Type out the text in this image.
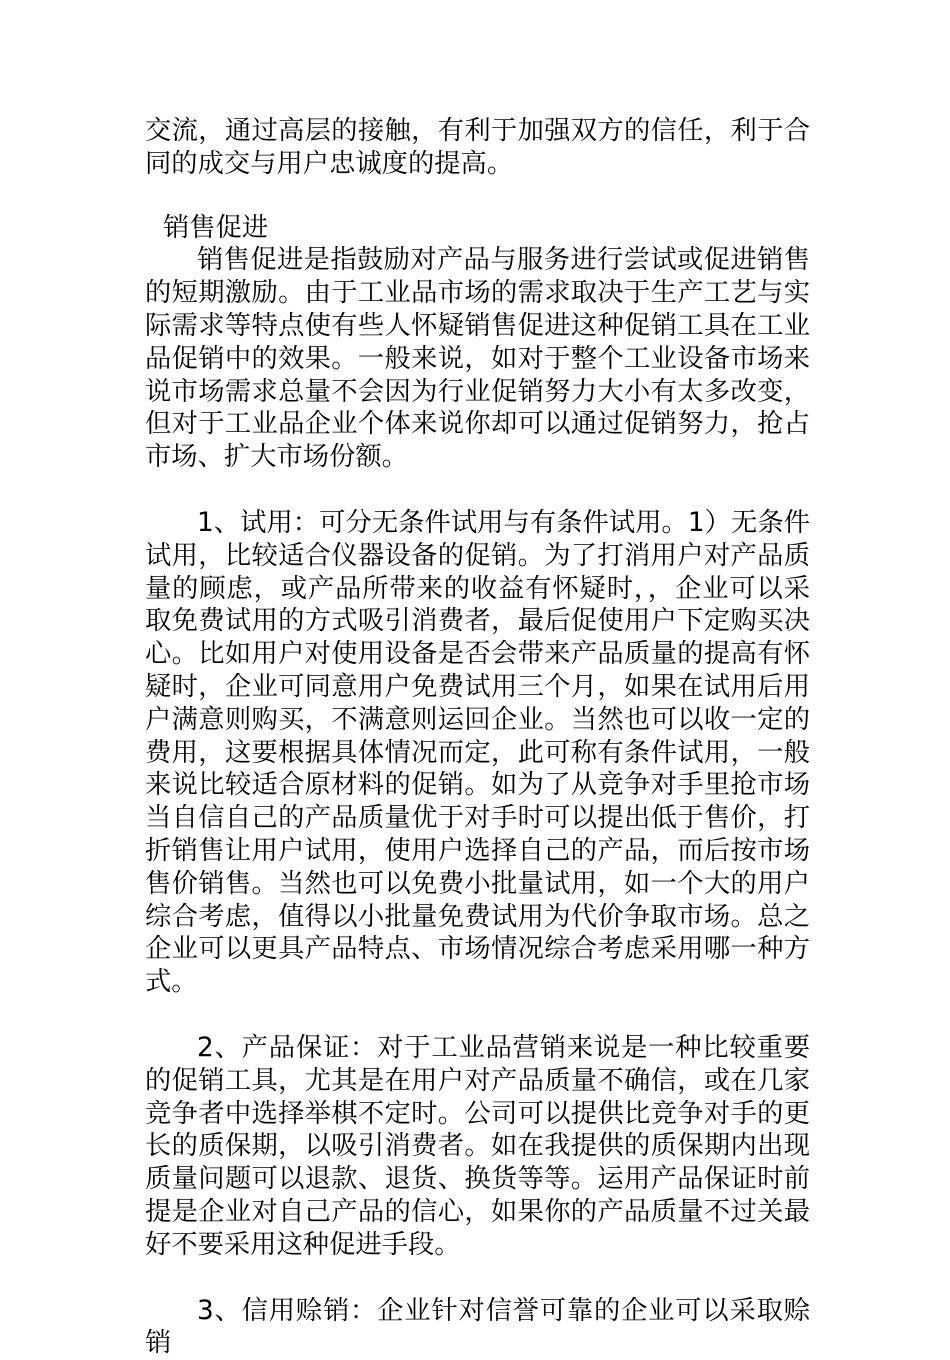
交流，通过高层的接触，有利于加强双方的信任，利于合同的成交与用户忠诚度的提高。

销售促进

销售促进是指鼓励对产品与服务进行尝试或促进销售的短期激励。由于工业品市场的需求取决于生产工艺与实际需求等特点使有些人怀疑销售促进这种促销工具在工业品促销中的效果。一般来说，如对于整个工业设备市场来说市场需求总量不会因为行业促销努力大小有太多改变，但对于工业品企业个体来说你却可以通过促销努力，抢占市场、扩大市场份额。

1、试用：可分无条件试用与有条件试用。1）无条件试用，比较适合仪器设备的促销。为了打消用户对产品质量的顾虑，或产品所带来的收益有怀疑时，，企业可以采取免费试用的方式吸引消费者，最后促使用户下定购买决心。比如用户对使用设备是否会带来产品质量的提高有怀疑时，企业可同意用户免费试用三个月，如果在试用后用户满意则购买，不满意则运回企业。当然也可以收一定的费用，这要根据具体情况而定，此可称有条件试用，一般来说比较适合原材料的促销。如为了从竞争对手里抢市场当自信自己的产品质量优于对手时可以提出低于售价，打折销售让用户试用，使用户选择自己的产品，而后按市场售价销售。当然也可以免费小批量试用，如一个大的用户综合考虑，值得以小批量免费试用为代价争取市场。总之企业可以更具产品特点、市场情况综合考虑采用哪一种方式。

2、产品保证：对于工业品营销来说是一种比较重要的促销工具，尤其是在用户对产品质量不确信，或在几家竞争者中选择举棋不定时。公司可以提供比竞争对手的更长的质保期，以吸引消费者。如在我提供的质保期内出现质量问题可以退款、退货、换货等等。运用产品保证时前提是企业对自己产品的信心，如果你的产品质量不过关最好不要采用这种促进手段。

3、信用赊销：企业针对信誉可靠的企业可以采取赊销
